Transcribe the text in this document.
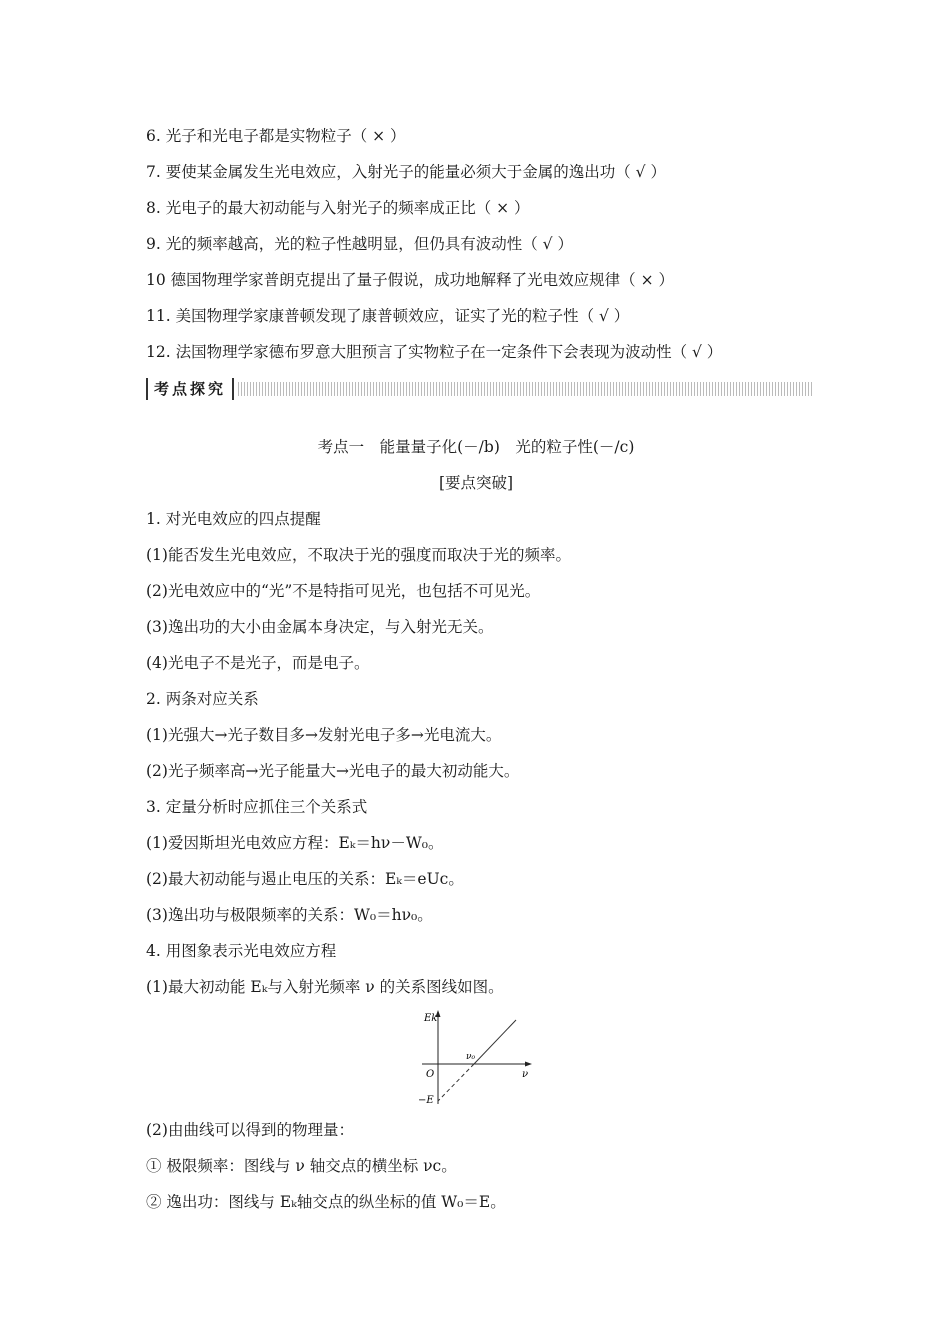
6. 光子和光电子都是实物粒子（ × ）
7. 要使某金属发生光电效应，入射光子的能量必须大于金属的逸出功（ √ ）
8. 光电子的最大初动能与入射光子的频率成正比（ × ）
9. 光的频率越高，光的粒子性越明显，但仍具有波动性（ √ ）
10 德国物理学家普朗克提出了量子假说，成功地解释了光电效应规律（ × ）
11. 美国物理学家康普顿发现了康普顿效应，证实了光的粒子性（ √ ）
12. 法国物理学家德布罗意大胆预言了实物粒子在一定条件下会表现为波动性（ √ ）
考点探究
考点一　能量量子化(－/b)　光的粒子性(－/c)
[要点突破]
1. 对光电效应的四点提醒
(1)能否发生光电效应，不取决于光的强度而取决于光的频率。
(2)光电效应中的“光”不是特指可见光，也包括不可见光。
(3)逸出功的大小由金属本身决定，与入射光无关。
(4)光电子不是光子，而是电子。
2. 两条对应关系
(1)光强大→光子数目多→发射光电子多→光电流大。
(2)光子频率高→光子能量大→光电子的最大初动能大。
3. 定量分析时应抓住三个关系式
(1)爱因斯坦光电效应方程：Eₖ＝hν－W₀。
(2)最大初动能与遏止电压的关系：Eₖ＝eUc。
(3)逸出功与极限频率的关系：W₀＝hν₀。
4. 用图象表示光电效应方程
(1)最大初动能 Eₖ与入射光频率 ν 的关系图线如图。
Ek
ν₀
O	ν
−E
(2)由曲线可以得到的物理量：
① 极限频率：图线与 ν 轴交点的横坐标 νc。
② 逸出功：图线与 Eₖ轴交点的纵坐标的值 W₀＝E。
